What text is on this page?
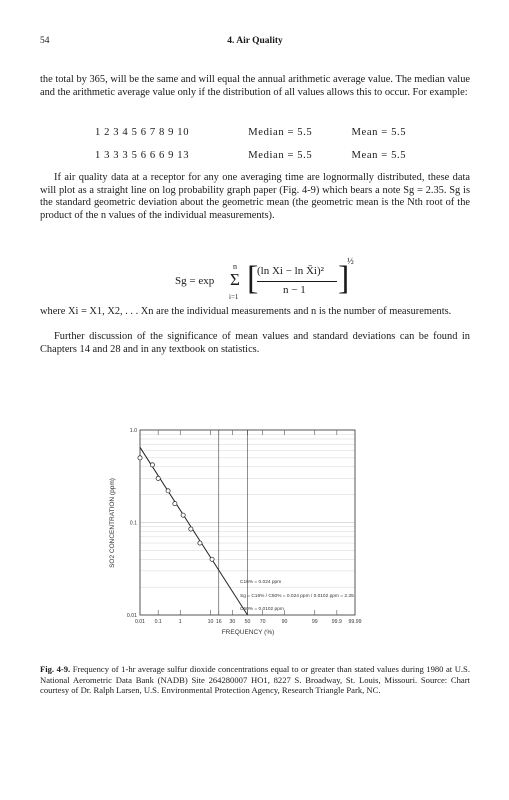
54	4. Air Quality

the total by 365, will be the same and will equal the annual arithmetic average value. The median value and the arithmetic average value only if the distribution of all values allows this to occur. For example:

1 2 3 4 5 6 7 8 9 10	Median = 5.5	Mean = 5.5
1 3 3 3 5 6 6 6 9 13	Median = 5.5	Mean = 5.5

If air quality data at a receptor for any one averaging time are lognormally distributed, these data will plot as a straight line on log probability graph paper (Fig. 4-9) which bears a note Sg = 2.35. Sg is the standard geometric deviation about the geometric mean (the geometric mean is the Nth root of the product of the n values of the individual measurements).

Sg = exp
n
Σ
i=1 [
(ln Xi − ln X̄i)²
n − 1 ]
½

where Xi = X1, X2, . . . Xn are the individual measurements and n is the number of measurements.

Further discussion of the significance of mean values and standard deviations can be found in Chapters 14 and 28 and in any textbook on statistics.

0.01 0.1	1	10 16 30 50 70	90	99	99.9 99.99
0.01
0.1
1.0
FREQUENCY (%)
SO2 CONCENTRATION (ppm)
C16% = 0.024 ppm
Sg = C16% / C50% = 0.024 ppm / 0.0102 ppm = 2.35
C50% = 0.0102 ppm

Fig. 4-9. Frequency of 1-hr average sulfur dioxide concentrations equal to or greater than stated values during 1980 at U.S. National Aerometric Data Bank (NADB) Site 264280007 HO1, 8227 S. Broadway, St. Louis, Missouri. Source: Chart courtesy of Dr. Ralph Larsen, U.S. Environmental Protection Agency, Research Triangle Park, NC.
